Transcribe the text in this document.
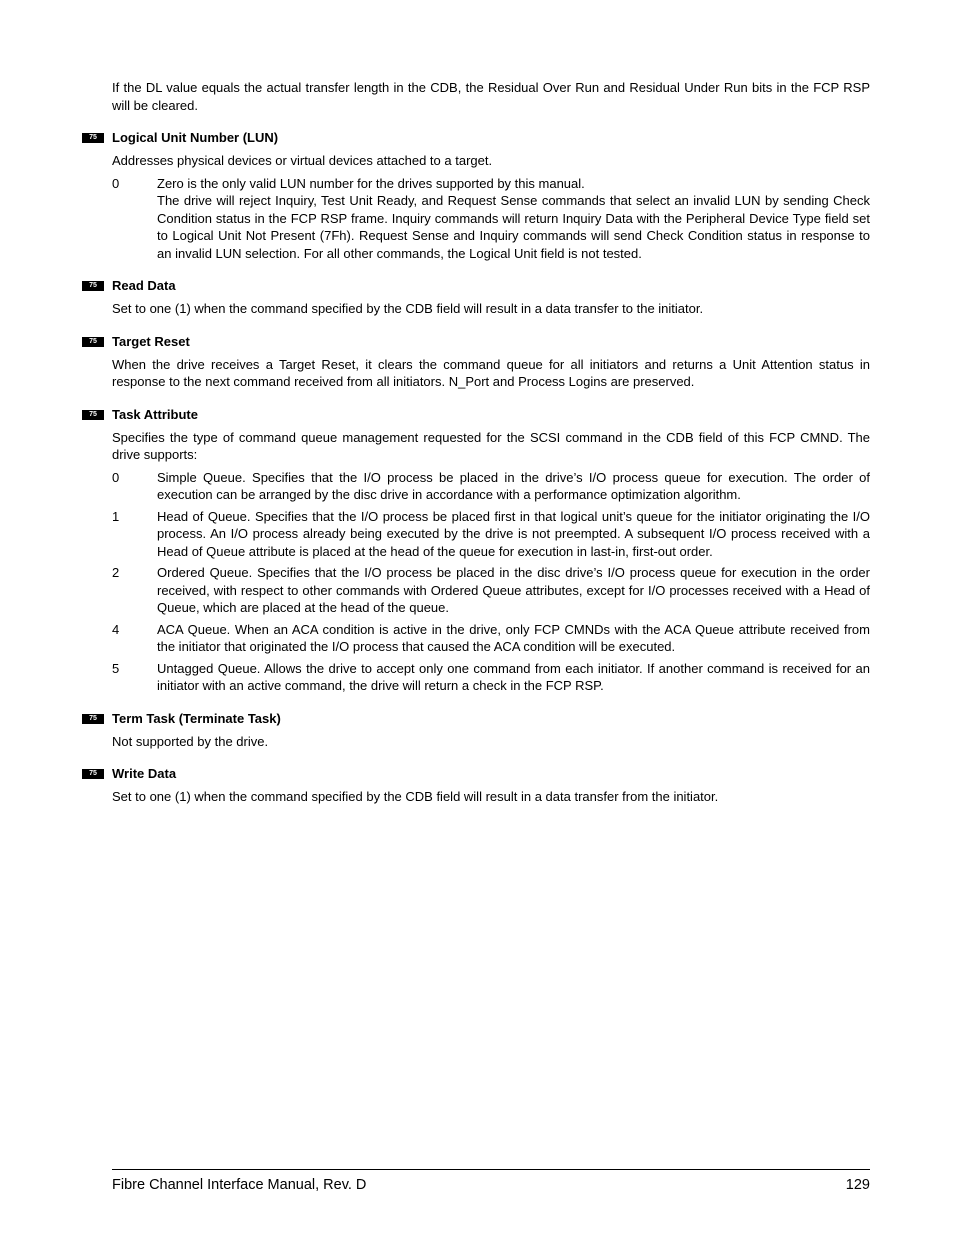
If the DL value equals the actual transfer length in the CDB, the Residual Over Run and Residual Under Run bits in the FCP RSP will be cleared.

75	Logical Unit Number (LUN)

Addresses physical devices or virtual devices attached to a target.

0	Zero is the only valid LUN number for the drives supported by this manual.

The drive will reject Inquiry, Test Unit Ready, and Request Sense commands that select an invalid LUN by sending Check Condition status in the FCP RSP frame. Inquiry commands will return Inquiry Data with the Peripheral Device Type field set to Logical Unit Not Present (7Fh). Request Sense and Inquiry commands will send Check Condition status in response to an invalid LUN selection. For all other commands, the Logical Unit field is not tested.

75	Read Data

Set to one (1) when the command specified by the CDB field will result in a data transfer to the initiator.

75	Target Reset

When the drive receives a Target Reset, it clears the command queue for all initiators and returns a Unit Attention status in response to the next command received from all initiators. N_Port and Process Logins are preserved.

75	Task Attribute

Specifies the type of command queue management requested for the SCSI command in the CDB field of this FCP CMND. The drive supports:

0	Simple Queue. Specifies that the I/O process be placed in the drive’s I/O process queue for execution. The order of execution can be arranged by the disc drive in accordance with a performance optimization algorithm.

1	Head of Queue. Specifies that the I/O process be placed first in that logical unit’s queue for the initiator originating the I/O process. An I/O process already being executed by the drive is not preempted. A subsequent I/O process received with a Head of Queue attribute is placed at the head of the queue for execution in last-in, first-out order.

2	Ordered Queue. Specifies that the I/O process be placed in the disc drive’s I/O process queue for execution in the order received, with respect to other commands with Ordered Queue attributes, except for I/O processes received with a Head of Queue, which are placed at the head of the queue.

4	ACA Queue. When an ACA condition is active in the drive, only FCP CMNDs with the ACA Queue attribute received from the initiator that originated the I/O process that caused the ACA condition will be executed.

5	Untagged Queue. Allows the drive to accept only one command from each initiator. If another command is received for an initiator with an active command, the drive will return a check in the FCP RSP.

75	Term Task (Terminate Task)

Not supported by the drive.

75	Write Data

Set to one (1) when the command specified by the CDB field will result in a data transfer from the initiator.

Fibre Channel Interface Manual, Rev. D	129
